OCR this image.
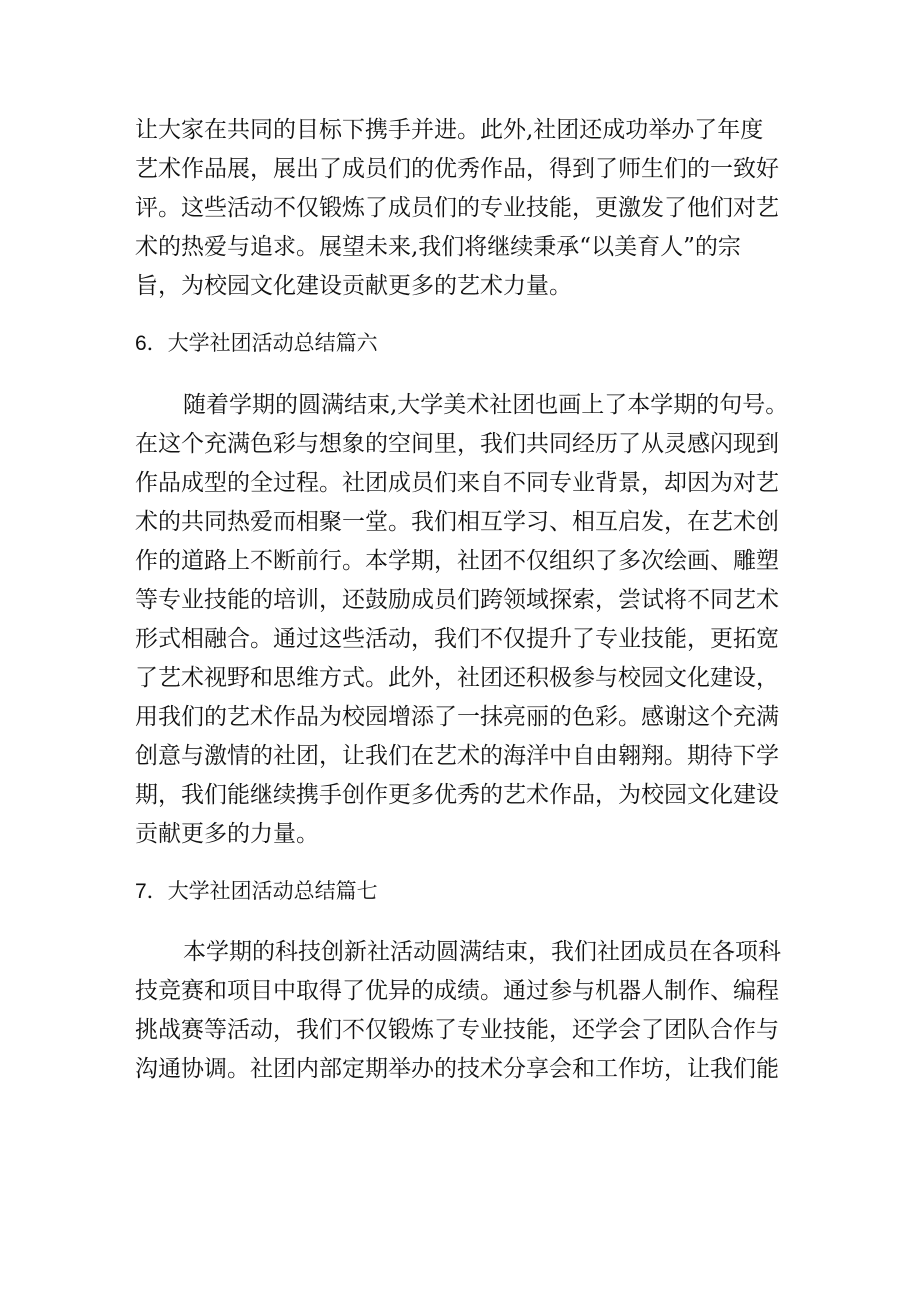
让大家在共同的目标下携手并进。此外,社团还成功举办了年度
艺术作品展，展出了成员们的优秀作品，得到了师生们的一致好
评。这些活动不仅锻炼了成员们的专业技能，更激发了他们对艺
术的热爱与追求。展望未来,我们将继续秉承“以美育人”的宗
旨，为校园文化建设贡献更多的艺术力量。
6．大学社团活动总结篇六
随着学期的圆满结束,大学美术社团也画上了本学期的句号。
在这个充满色彩与想象的空间里，我们共同经历了从灵感闪现到
作品成型的全过程。社团成员们来自不同专业背景，却因为对艺
术的共同热爱而相聚一堂。我们相互学习、相互启发，在艺术创
作的道路上不断前行。本学期，社团不仅组织了多次绘画、雕塑
等专业技能的培训，还鼓励成员们跨领域探索，尝试将不同艺术
形式相融合。通过这些活动，我们不仅提升了专业技能，更拓宽
了艺术视野和思维方式。此外，社团还积极参与校园文化建设，
用我们的艺术作品为校园增添了一抹亮丽的色彩。感谢这个充满
创意与激情的社团，让我们在艺术的海洋中自由翱翔。期待下学
期，我们能继续携手创作更多优秀的艺术作品，为校园文化建设
贡献更多的力量。
7．大学社团活动总结篇七
本学期的科技创新社活动圆满结束，我们社团成员在各项科
技竞赛和项目中取得了优异的成绩。通过参与机器人制作、编程
挑战赛等活动，我们不仅锻炼了专业技能，还学会了团队合作与
沟通协调。社团内部定期举办的技术分享会和工作坊，让我们能
